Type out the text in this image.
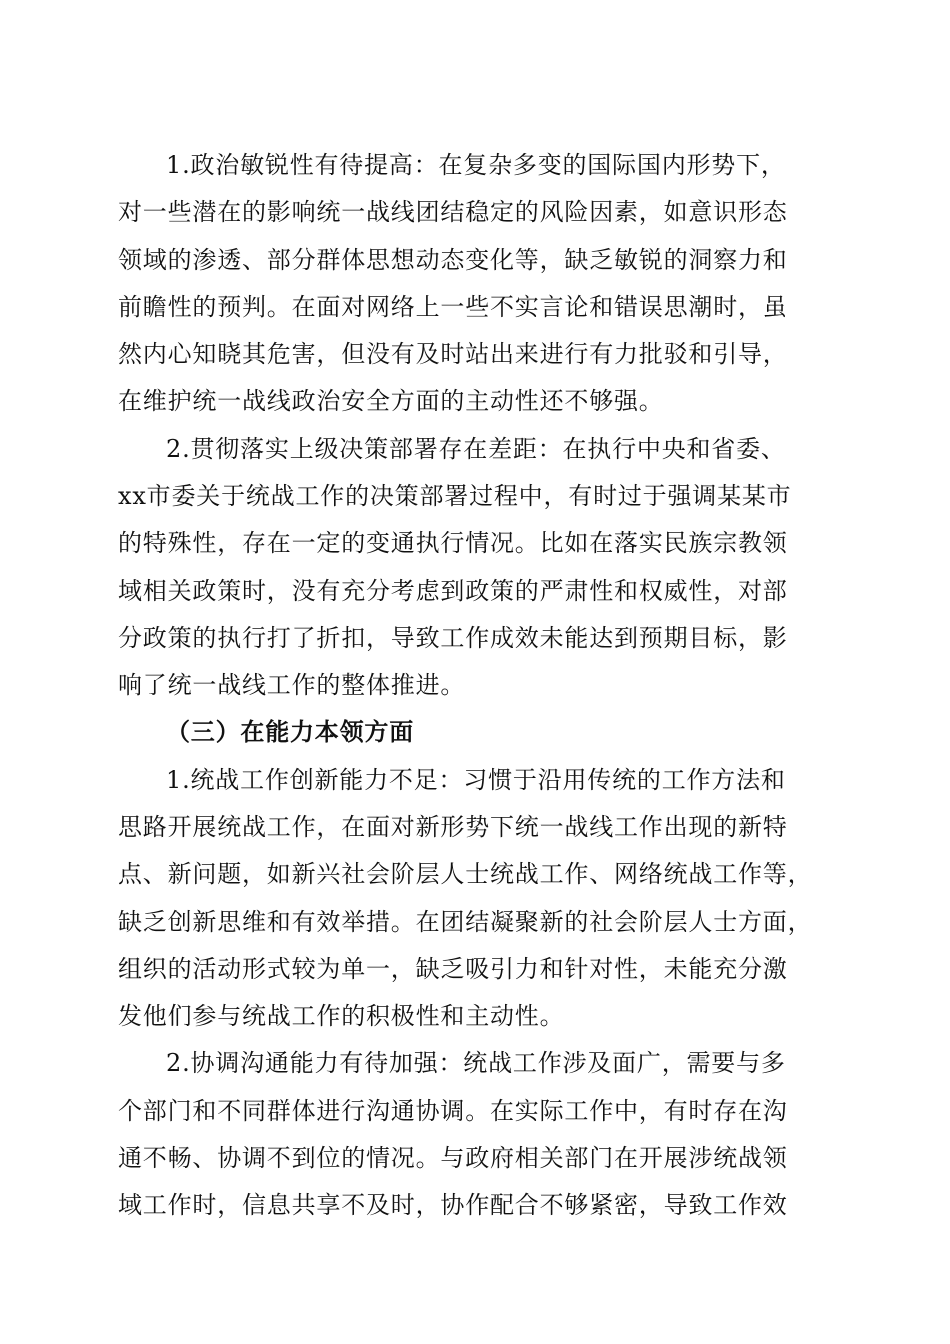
1.政治敏锐性有待提高：在复杂多变的国际国内形势下，
对一些潜在的影响统一战线团结稳定的风险因素，如意识形态
领域的渗透、部分群体思想动态变化等，缺乏敏锐的洞察力和
前瞻性的预判。在面对网络上一些不实言论和错误思潮时，虽
然内心知晓其危害，但没有及时站出来进行有力批驳和引导，
在维护统一战线政治安全方面的主动性还不够强。
2.贯彻落实上级决策部署存在差距：在执行中央和省委、
xx市委关于统战工作的决策部署过程中，有时过于强调某某市
的特殊性，存在一定的变通执行情况。比如在落实民族宗教领
域相关政策时，没有充分考虑到政策的严肃性和权威性，对部
分政策的执行打了折扣，导致工作成效未能达到预期目标，影
响了统一战线工作的整体推进。
（三）在能力本领方面
1.统战工作创新能力不足：习惯于沿用传统的工作方法和
思路开展统战工作，在面对新形势下统一战线工作出现的新特
点、新问题，如新兴社会阶层人士统战工作、网络统战工作等，
缺乏创新思维和有效举措。在团结凝聚新的社会阶层人士方面，
组织的活动形式较为单一，缺乏吸引力和针对性，未能充分激
发他们参与统战工作的积极性和主动性。
2.协调沟通能力有待加强：统战工作涉及面广，需要与多
个部门和不同群体进行沟通协调。在实际工作中，有时存在沟
通不畅、协调不到位的情况。与政府相关部门在开展涉统战领
域工作时，信息共享不及时，协作配合不够紧密，导致工作效
